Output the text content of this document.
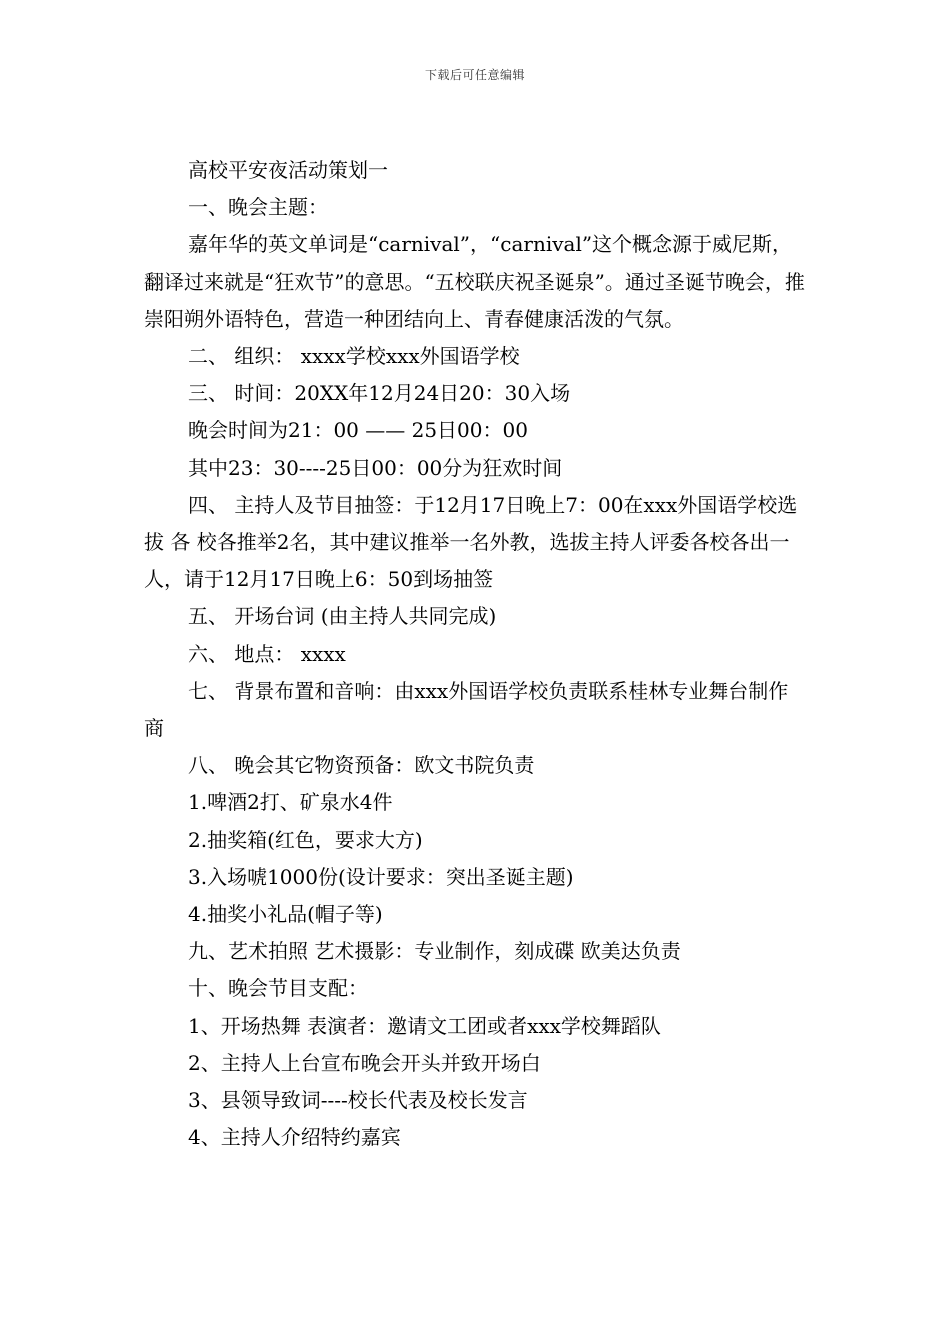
下载后可任意编辑

高校平安夜活动策划一

一、晚会主题：

嘉年华的英文单词是“carnival”，“carnival”这个概念源于威尼斯，翻译过来就是“狂欢节”的意思。“五校联庆祝圣诞泉”。通过圣诞节晚会，推崇阳朔外语特色，营造一种团结向上、青春健康活泼的气氛。

二、 组织： xxxx学校xxx外国语学校

三、 时间：20XX年12月24日20：30入场

晚会时间为21：00 —— 25日00：00

其中23：30----25日00：00分为狂欢时间

四、 主持人及节目抽签：于12月17日晚上7：00在xxx外国语学校选拔 各 校各推举2名，其中建议推举一名外教，选拔主持人评委各校各出一人，请于12月17日晚上6：50到场抽签

五、 开场台词 (由主持人共同完成)

六、 地点： xxxx

七、 背景布置和音响：由xxx外国语学校负责联系桂林专业舞台制作商

八、 晚会其它物资预备：欧文书院负责

1.啤酒2打、矿泉水4件

2.抽奖箱(红色，要求大方)

3.入场唬1000份(设计要求：突出圣诞主题)

4.抽奖小礼品(帽子等)

九、艺术拍照 艺术摄影：专业制作，刻成碟 欧美达负责

十、晚会节目支配：

1、开场热舞 表演者：邀请文工团或者xxx学校舞蹈队

2、主持人上台宣布晚会开头并致开场白

3、县领导致词----校长代表及校长发言

4、主持人介绍特约嘉宾
